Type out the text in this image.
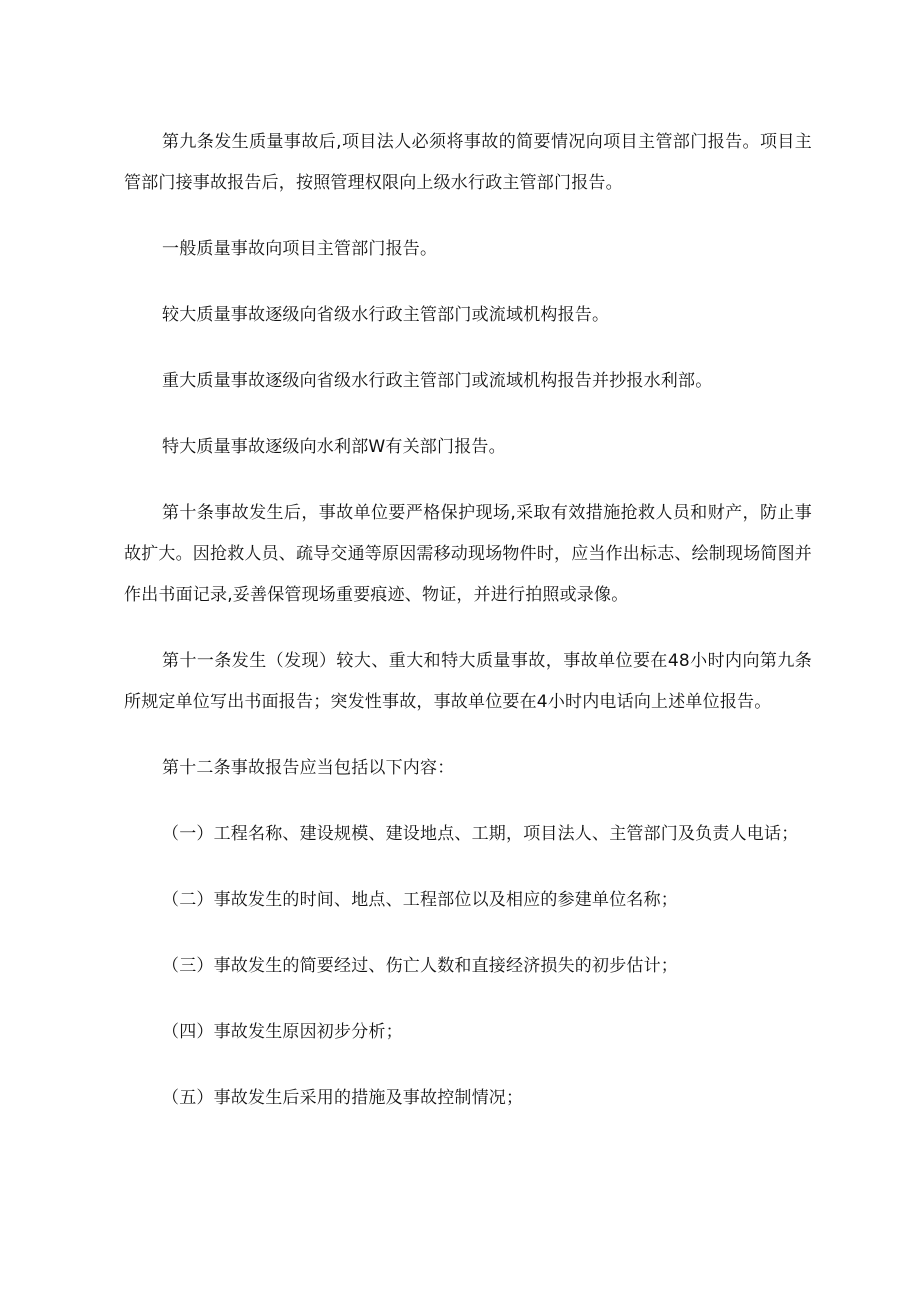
第九条发生质量事故后,项目法人必须将事故的简要情况向项目主管部门报告。项目主管部门接事故报告后，按照管理权限向上级水行政主管部门报告。

一般质量事故向项目主管部门报告。

较大质量事故逐级向省级水行政主管部门或流域机构报告。

重大质量事故逐级向省级水行政主管部门或流域机构报告并抄报水利部。

特大质量事故逐级向水利部W有关部门报告。

第十条事故发生后，事故单位要严格保护现场,采取有效措施抢救人员和财产，防止事故扩大。因抢救人员、疏导交通等原因需移动现场物件时，应当作出标志、绘制现场简图并作出书面记录,妥善保管现场重要痕迹、物证，并进行拍照或录像。

第十一条发生（发现）较大、重大和特大质量事故，事故单位要在48小时内向第九条所规定单位写出书面报告；突发性事故，事故单位要在4小时内电话向上述单位报告。

第十二条事故报告应当包括以下内容：

（一）工程名称、建设规模、建设地点、工期，项目法人、主管部门及负责人电话；

（二）事故发生的时间、地点、工程部位以及相应的参建单位名称；

（三）事故发生的简要经过、伤亡人数和直接经济损失的初步估计；

（四）事故发生原因初步分析；

（五）事故发生后采用的措施及事故控制情况；
